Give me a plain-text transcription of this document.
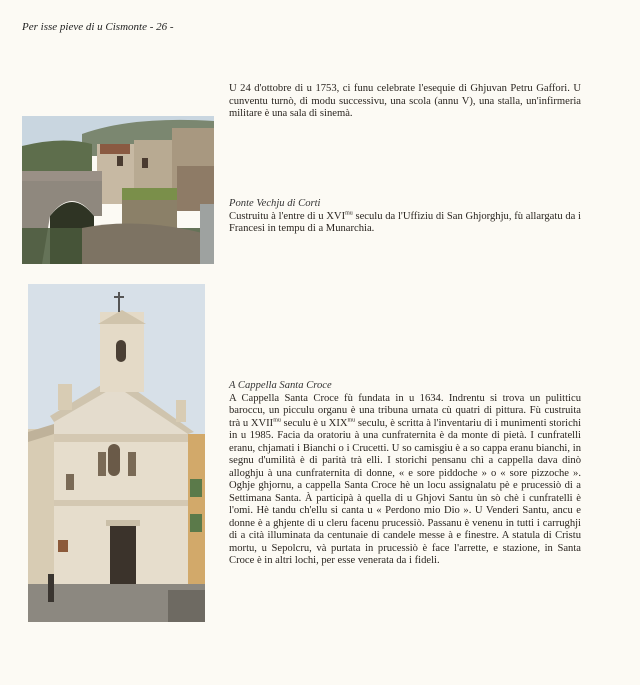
Per isse pieve di u Cismonte - 26 -
U 24 d'ottobre di u 1753, ci funu celebrate l'esequie di Ghjuvan Petru Gaffori. U cunventu turnò, di modu successivu, una scola (annu V), una stalla, un'infirmeria militare è una sala di sinemà.
Ponte Vechju di Corti
Custruitu à l'entre di u $XVI^{mu}$ seculu da l'Uffiziu di San Ghjorghju, fù allargatu da i Francesi in tempu di a Munarchia.
A Cappella Santa Croce
A Cappella Santa Croce fù fundata in u 1634. Indrentu si trova un pulitticu baroccu, un picculu organu è una tribuna urnata cù quatri di pittura. Fù custruita trà u $XVII^{mu}$ seculu è u $XIX^{mu}$ seculu, è scritta à l'inventariu di i munimenti storichi in u 1985. Facia da oratoriu à una cunfraternita è da monte di pietà. I cunfratelli eranu, chjamati i Bianchi o i Crucetti. U so camisgiu è a so cappa eranu bianchi, in segnu d'umilità è di parità trà elli. I storichi pensanu chì a cappella dava dinò alloghju à una cunfraternita di donne, « e sore piddoche » o « sore pizzoche ». Oghje ghjornu, a cappella Santa Croce hè un locu assignalatu pè e prucessiò di a Settimana Santa. À participà à quella di u Ghjovi Santu ùn sò chè i cunfratelli è l'omi. Hè tandu ch'ellu si canta u « Perdono mio Dio ». U Venderi Santu, ancu e donne è a ghjente di u cleru facenu prucessiò. Passanu è venenu in tutti i carrughji di a cità illuminata da centunaie di candele messe à e finestre. A statula di Cristu mortu, u Sepolcru, và purtata in prucessiò è face l'arrette, e stazione, in Santa Croce è in altri lochi, per esse venerata da i fideli.
